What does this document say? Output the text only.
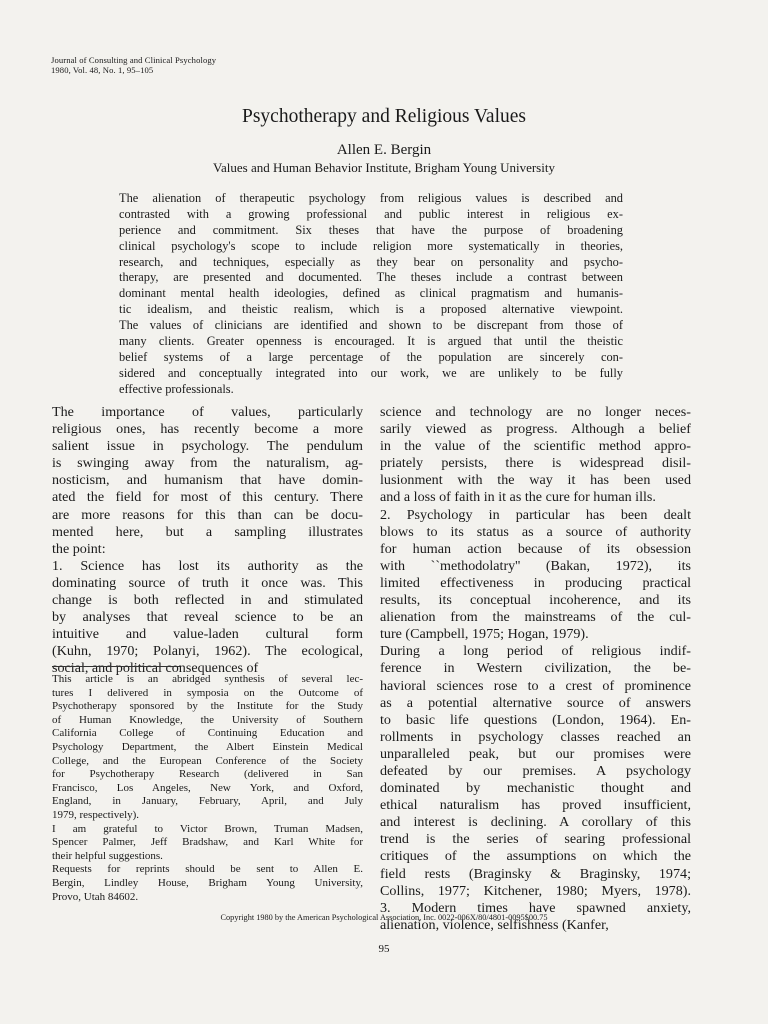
Journal of Consulting and Clinical Psychology
1980, Vol. 48, No. 1, 95–105
Psychotherapy and Religious Values
Allen E. Bergin
Values and Human Behavior Institute, Brigham Young University
The alienation of therapeutic psychology from religious values is described and
contrasted with a growing professional and public interest in religious ex-
perience and commitment. Six theses that have the purpose of broadening
clinical psychology's scope to include religion more systematically in theories,
research, and techniques, especially as they bear on personality and psycho-
therapy, are presented and documented. The theses include a contrast between
dominant mental health ideologies, defined as clinical pragmatism and humanis-
tic idealism, and theistic realism, which is a proposed alternative viewpoint.
The values of clinicians are identified and shown to be discrepant from those of
many clients. Greater openness is encouraged. It is argued that until the theistic
belief systems of a large percentage of the population are sincerely con-
sidered and conceptually integrated into our work, we are unlikely to be fully
effective professionals.
The importance of values, particularly
religious ones, has recently become a more
salient issue in psychology. The pendulum
is swinging away from the naturalism, ag-
nosticism, and humanism that have domin-
ated the field for most of this century. There
are more reasons for this than can be docu-
mented here, but a sampling illustrates
the point:
1. Science has lost its authority as the
dominating source of truth it once was. This
change is both reflected in and stimulated
by analyses that reveal science to be an
intuitive and value-laden cultural form
(Kuhn, 1970; Polanyi, 1962). The ecological,
social, and political consequences of
This article is an abridged synthesis of several lec-
tures I delivered in symposia on the Outcome of
Psychotherapy sponsored by the Institute for the Study
of Human Knowledge, the University of Southern
California College of Continuing Education and
Psychology Department, the Albert Einstein Medical
College, and the European Conference of the Society
for Psychotherapy Research (delivered in San
Francisco, Los Angeles, New York, and Oxford,
England, in January, February, April, and July
1979, respectively).
I am grateful to Victor Brown, Truman Madsen,
Spencer Palmer, Jeff Bradshaw, and Karl White for
their helpful suggestions.
Requests for reprints should be sent to Allen E.
Bergin, Lindley House, Brigham Young University,
Provo, Utah 84602.
science and technology are no longer neces-
sarily viewed as progress. Although a belief
in the value of the scientific method appro-
priately persists, there is widespread disil-
lusionment with the way it has been used
and a loss of faith in it as the cure for human ills.
2. Psychology in particular has been dealt
blows to its status as a source of authority
for human action because of its obsession
with ``methodolatry'' (Bakan, 1972), its
limited effectiveness in producing practical
results, its conceptual incoherence, and its
alienation from the mainstreams of the cul-
ture (Campbell, 1975; Hogan, 1979).
During a long period of religious indif-
ference in Western civilization, the be-
havioral sciences rose to a crest of prominence
as a potential alternative source of answers
to basic life questions (London, 1964). En-
rollments in psychology classes reached an
unparalleled peak, but our promises were
defeated by our premises. A psychology
dominated by mechanistic thought and
ethical naturalism has proved insufficient,
and interest is declining. A corollary of this
trend is the series of searing professional
critiques of the assumptions on which the
field rests (Braginsky & Braginsky, 1974;
Collins, 1977; Kitchener, 1980; Myers, 1978).
3. Modern times have spawned anxiety,
alienation, violence, selfishness (Kanfer,
Copyright 1980 by the American Psychological Association, Inc. 0022-006X/80/4801-0095$00.75
95
